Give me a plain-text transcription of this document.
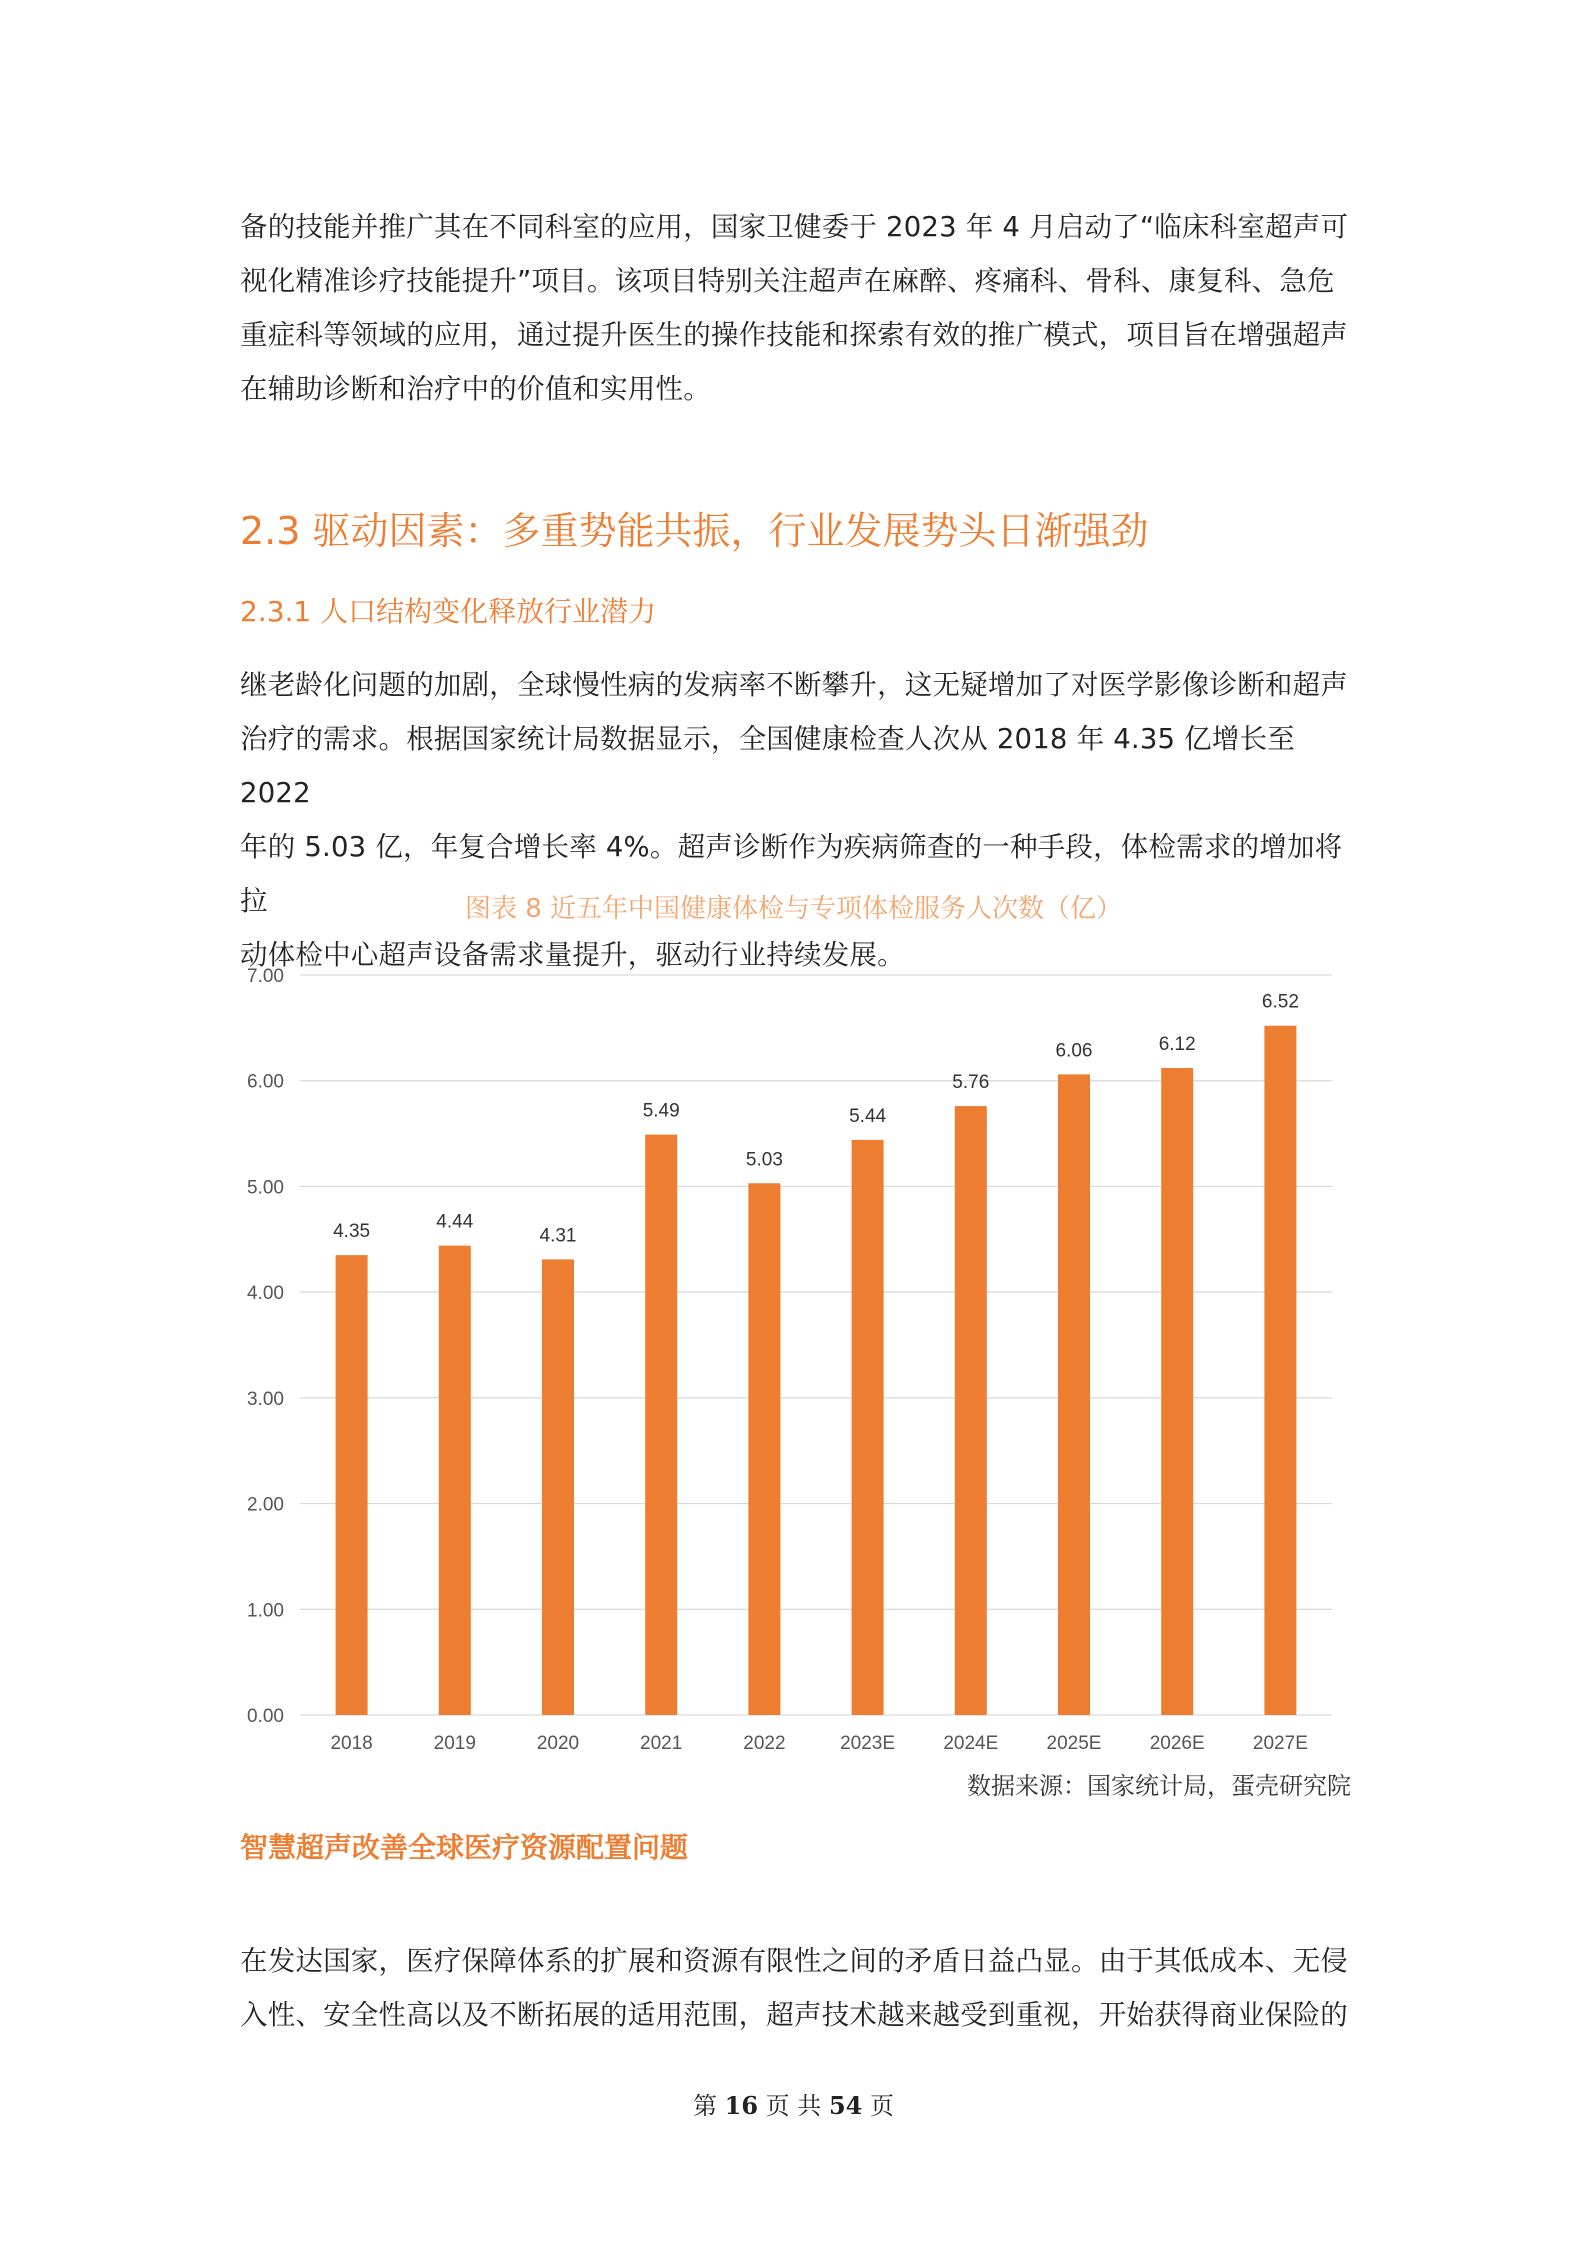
备的技能并推广其在不同科室的应用，国家卫健委于 2023 年 4 月启动了“临床科室超声可
视化精准诊疗技能提升”项目。该项目特别关注超声在麻醉、疼痛科、骨科、康复科、急危
重症科等领域的应用，通过提升医生的操作技能和探索有效的推广模式，项目旨在增强超声
在辅助诊断和治疗中的价值和实用性。
2.3 驱动因素：多重势能共振，行业发展势头日渐强劲
2.3.1 人口结构变化释放行业潜力
继老龄化问题的加剧，全球慢性病的发病率不断攀升，这无疑增加了对医学影像诊断和超声
治疗的需求。根据国家统计局数据显示，全国健康检查人次从 2018 年 4.35 亿增长至 2022
年的 5.03 亿，年复合增长率 4%。超声诊断作为疾病筛查的一种手段，体检需求的增加将拉
动体检中心超声设备需求量提升，驱动行业持续发展。

图表 8 近五年中国健康体检与专项体检服务人次数（亿）

0.00
1.00
2.00
3.00
4.00
5.00
6.00
7.00
4.35
2018
4.44
2019
4.31
2020
5.49
2021
5.03
2022
5.44
2023E
5.76
2024E
6.06
2025E
6.12
2026E
6.52
2027E

数据来源：国家统计局，蛋壳研究院

智慧超声改善全球医疗资源配置问题
在发达国家，医疗保障体系的扩展和资源有限性之间的矛盾日益凸显。由于其低成本、无侵
入性、安全性高以及不断拓展的适用范围，超声技术越来越受到重视，开始获得商业保险的
第 16 页 共 54 页
